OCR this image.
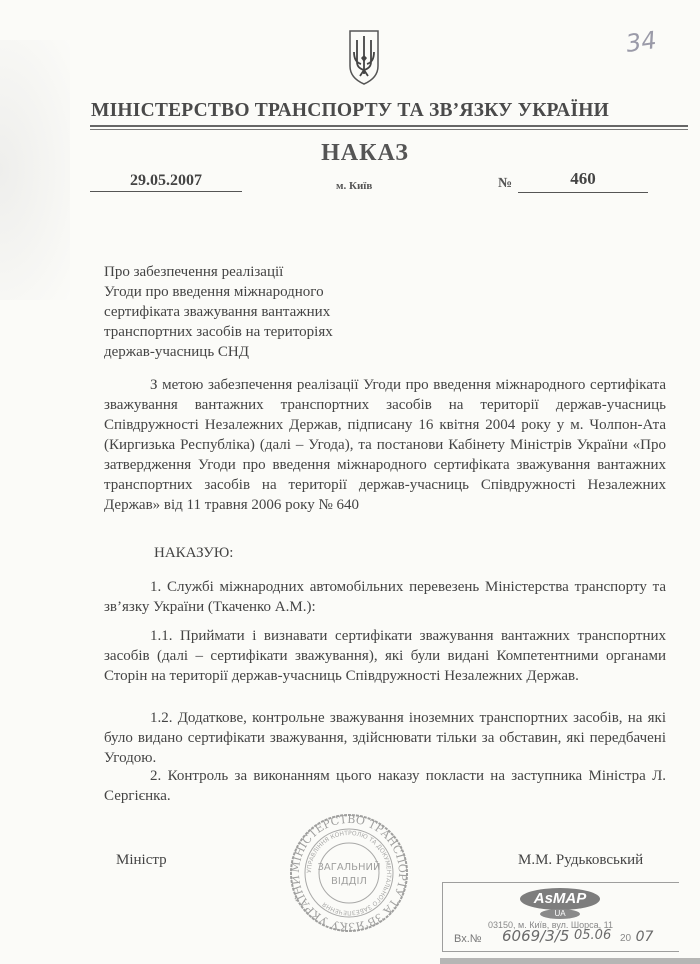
34
МІНІСТЕРСТВО ТРАНСПОРТУ ТА ЗВ’ЯЗКУ УКРАЇНИ
НАКАЗ
29.05.2007	м. Київ	№	460
Про забезпечення реалізації
Угоди про введення міжнародного
сертифіката зважування вантажних
транспортних засобів на територіях
держав-учасниць СНД
З метою забезпечення реалізації Угоди про введення міжнародного сертифіката зважування вантажних транспортних засобів на території держав-учасниць Співдружності Незалежних Держав, підписану 16 квітня 2004 року у м. Чолпон-Ата (Киргизька Республіка) (далі – Угода), та постанови Кабінету Міністрів України «Про затвердження Угоди про введення міжнародного сертифіката зважування вантажних транспортних засобів на території держав-учасниць Співдружності Незалежних Держав» від 11 травня 2006 року № 640
НАКАЗУЮ:
1. Службі міжнародних автомобільних перевезень Міністерства транспорту та зв’язку України (Ткаченко А.М.):
1.1. Приймати і визнавати сертифікати зважування вантажних транспортних засобів (далі – сертифікати зважування), які були видані Компетентними органами Сторін на території держав-учасниць Співдружності Незалежних Держав.
1.2. Додаткове, контрольне зважування іноземних транспортних засобів, на які було видано сертифікати зважування, здійснювати тільки за обставин, які передбачені Угодою.
2. Контроль за виконанням цього наказу покласти на заступника Міністра Л. Сергієнка.
Міністр	М.М. Рудьковський
МІНІСТЕРСТВО ТРАНСПОРТУ ТА ЗВ'ЯЗКУ УКРАЇНИ
УПРАВЛІННЯ КОНТРОЛЮ ТА ДОКУМЕНТАЛЬНОГО ЗАБЕЗПЕЧЕННЯ
ЗАГАЛЬНИЙ
ВІДДІЛ
AsMAP
UA
03150, м. Київ, вул. Шорса, 11
Вх.№ 6069/3/5 05.06 20 07
